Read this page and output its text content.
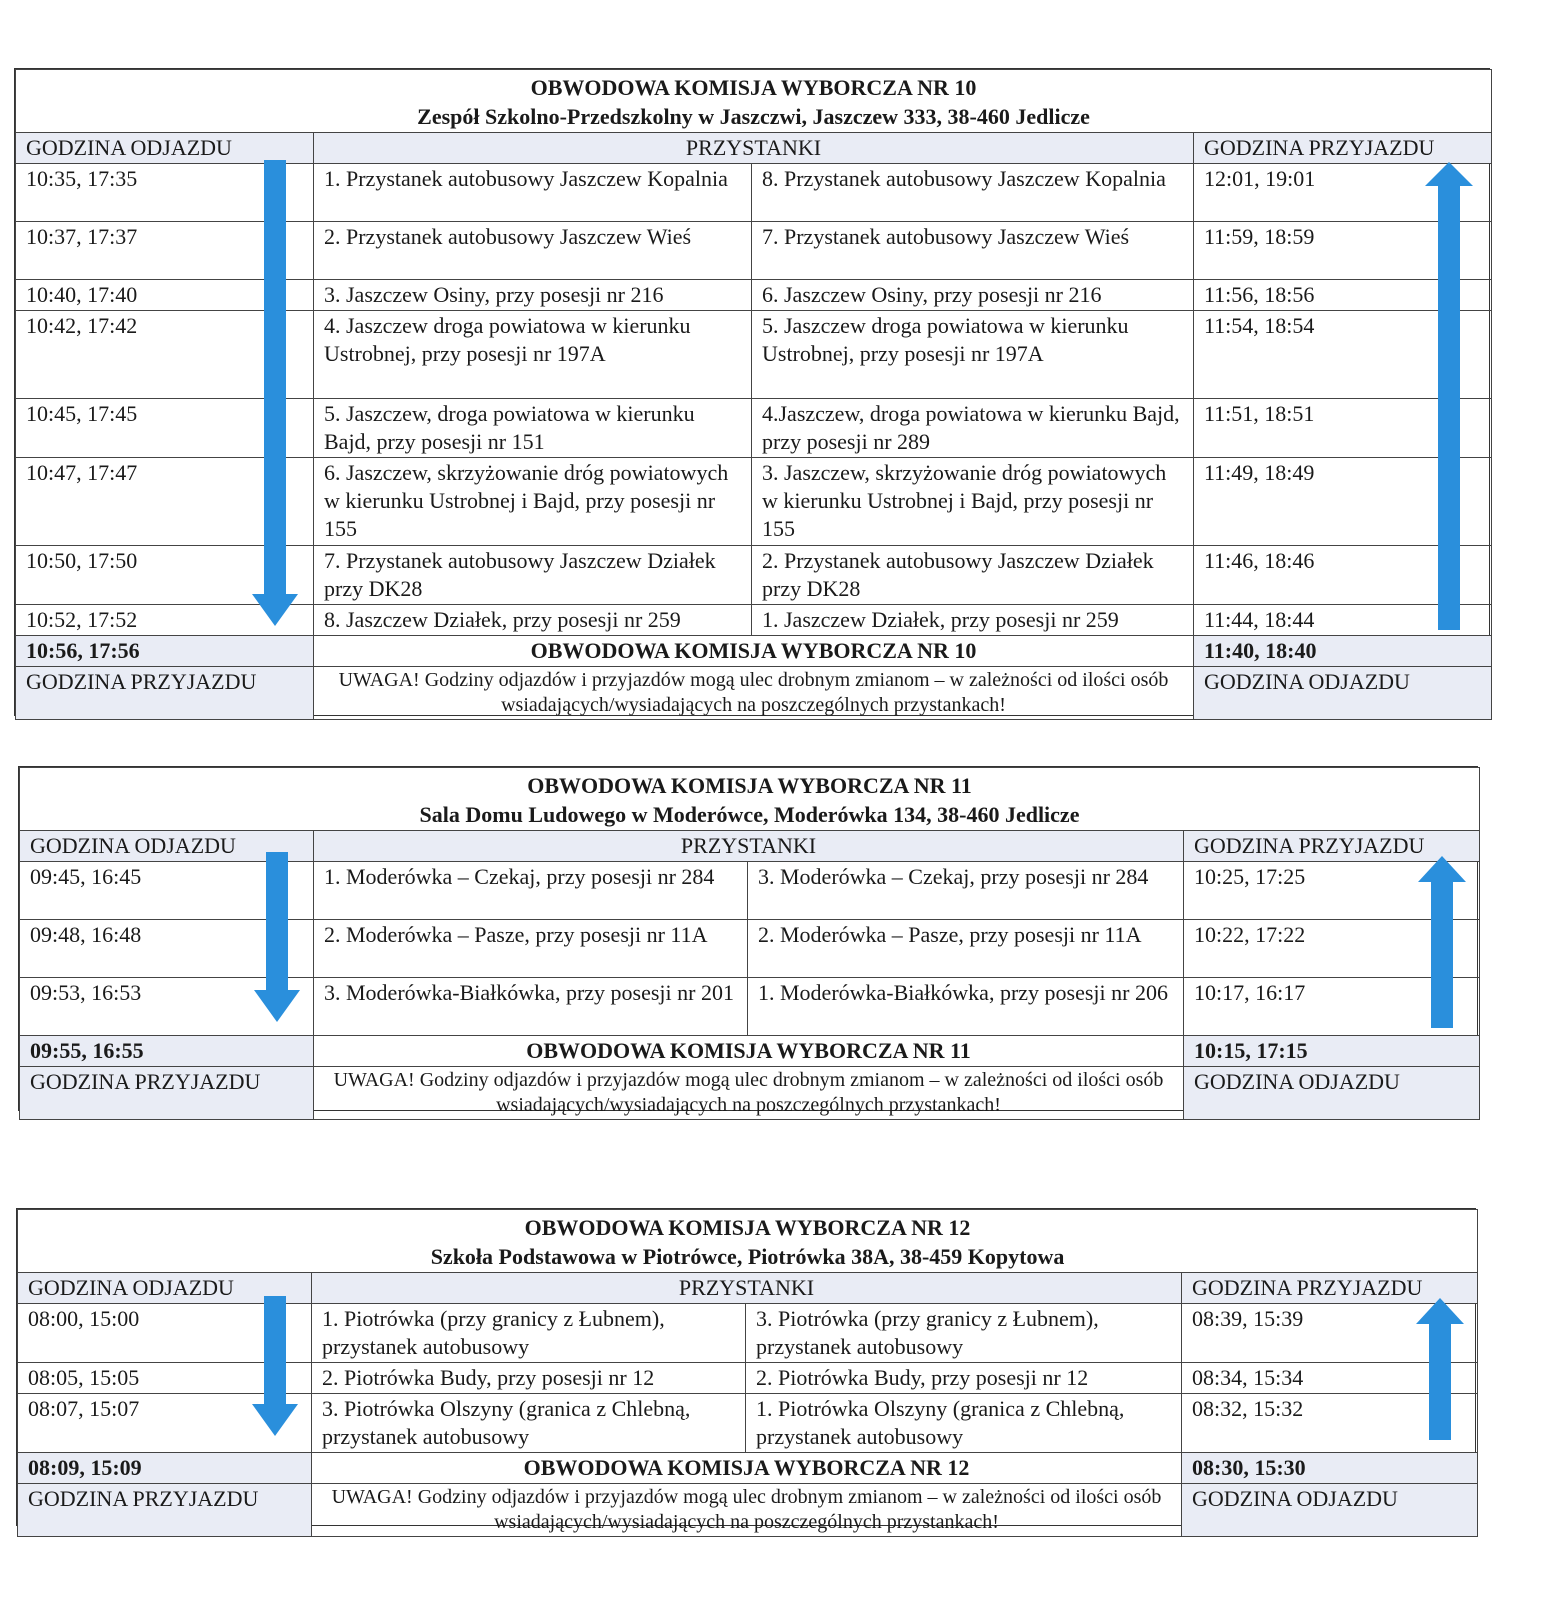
OBWODOWA KOMISJA WYBORCZA NR 10
Zespół Szkolno-Przedszkolny w Jaszczwi, Jaszczew 333, 38-460 Jedlicze			

GODZINA ODJAZDU	PRZYSTANKI		GODZINA PRZYJAZDU
10:35, 17:35	1. Przystanek autobusowy Jaszczew Kopalnia	8. Przystanek autobusowy Jaszczew Kopalnia	12:01, 19:01
10:37, 17:37	2. Przystanek autobusowy Jaszczew Wieś	7. Przystanek autobusowy Jaszczew Wieś	11:59, 18:59
10:40, 17:40	3. Jaszczew Osiny, przy posesji nr 216	6. Jaszczew Osiny, przy posesji nr 216	11:56, 18:56
10:42, 17:42	4. Jaszczew droga powiatowa w kierunku Ustrobnej, przy posesji nr 197A	5. Jaszczew droga powiatowa w kierunku Ustrobnej, przy posesji nr 197A	11:54, 18:54
10:45, 17:45	5. Jaszczew, droga powiatowa w kierunku Bajd, przy posesji nr 151	4.Jaszczew, droga powiatowa w kierunku Bajd, przy posesji nr 289	11:51, 18:51
10:47, 17:47	6. Jaszczew, skrzyżowanie dróg powiatowych w kierunku Ustrobnej i Bajd, przy posesji nr 155	3. Jaszczew, skrzyżowanie dróg powiatowych w kierunku Ustrobnej i Bajd, przy posesji nr 155	11:49, 18:49
10:50, 17:50	7. Przystanek autobusowy Jaszczew Działek przy DK28	2. Przystanek autobusowy Jaszczew Działek przy DK28	11:46, 18:46
10:52, 17:52	8. Jaszczew Działek, przy posesji nr 259	1. Jaszczew Działek, przy posesji nr 259	11:44, 18:44
10:56, 17:56	OBWODOWA KOMISJA WYBORCZA NR 10		11:40, 18:40
GODZINA PRZYJAZDU	UWAGA! Godziny odjazdów i przyjazdów mogą ulec drobnym zmianom – w zależności od ilości osób wsiadających/wysiadających na poszczególnych przystankach!		GODZINA ODJAZDU
OBWODOWA KOMISJA WYBORCZA NR 11
Sala Domu Ludowego w Moderówce, Moderówka 134, 38-460 Jedlicze			

GODZINA ODJAZDU	PRZYSTANKI		GODZINA PRZYJAZDU
09:45, 16:45	1. Moderówka – Czekaj, przy posesji nr 284	3. Moderówka – Czekaj, przy posesji nr 284	10:25, 17:25
09:48, 16:48	2. Moderówka – Pasze, przy posesji nr 11A	2. Moderówka – Pasze, przy posesji nr 11A	10:22, 17:22
09:53, 16:53	3. Moderówka-Białkówka, przy posesji nr 201	1. Moderówka-Białkówka, przy posesji nr 206	10:17, 16:17
09:55, 16:55	OBWODOWA KOMISJA WYBORCZA NR 11		10:15, 17:15
GODZINA PRZYJAZDU	UWAGA! Godziny odjazdów i przyjazdów mogą ulec drobnym zmianom – w zależności od ilości osób wsiadających/wysiadających na poszczególnych przystankach!		GODZINA ODJAZDU
OBWODOWA KOMISJA WYBORCZA NR 12
Szkoła Podstawowa w Piotrówce, Piotrówka 38A, 38-459 Kopytowa			

GODZINA ODJAZDU	PRZYSTANKI		GODZINA PRZYJAZDU
08:00, 15:00	1. Piotrówka (przy granicy z Łubnem), przystanek autobusowy	3. Piotrówka (przy granicy z Łubnem), przystanek autobusowy	08:39, 15:39
08:05, 15:05	2. Piotrówka Budy, przy posesji nr 12	2. Piotrówka Budy, przy posesji nr 12	08:34, 15:34
08:07, 15:07	3. Piotrówka Olszyny (granica z Chlebną, przystanek autobusowy	1. Piotrówka Olszyny (granica z Chlebną, przystanek autobusowy	08:32, 15:32
08:09, 15:09	OBWODOWA KOMISJA WYBORCZA NR 12		08:30, 15:30
GODZINA PRZYJAZDU	UWAGA! Godziny odjazdów i przyjazdów mogą ulec drobnym zmianom – w zależności od ilości osób wsiadających/wysiadających na poszczególnych przystankach!		GODZINA ODJAZDU
